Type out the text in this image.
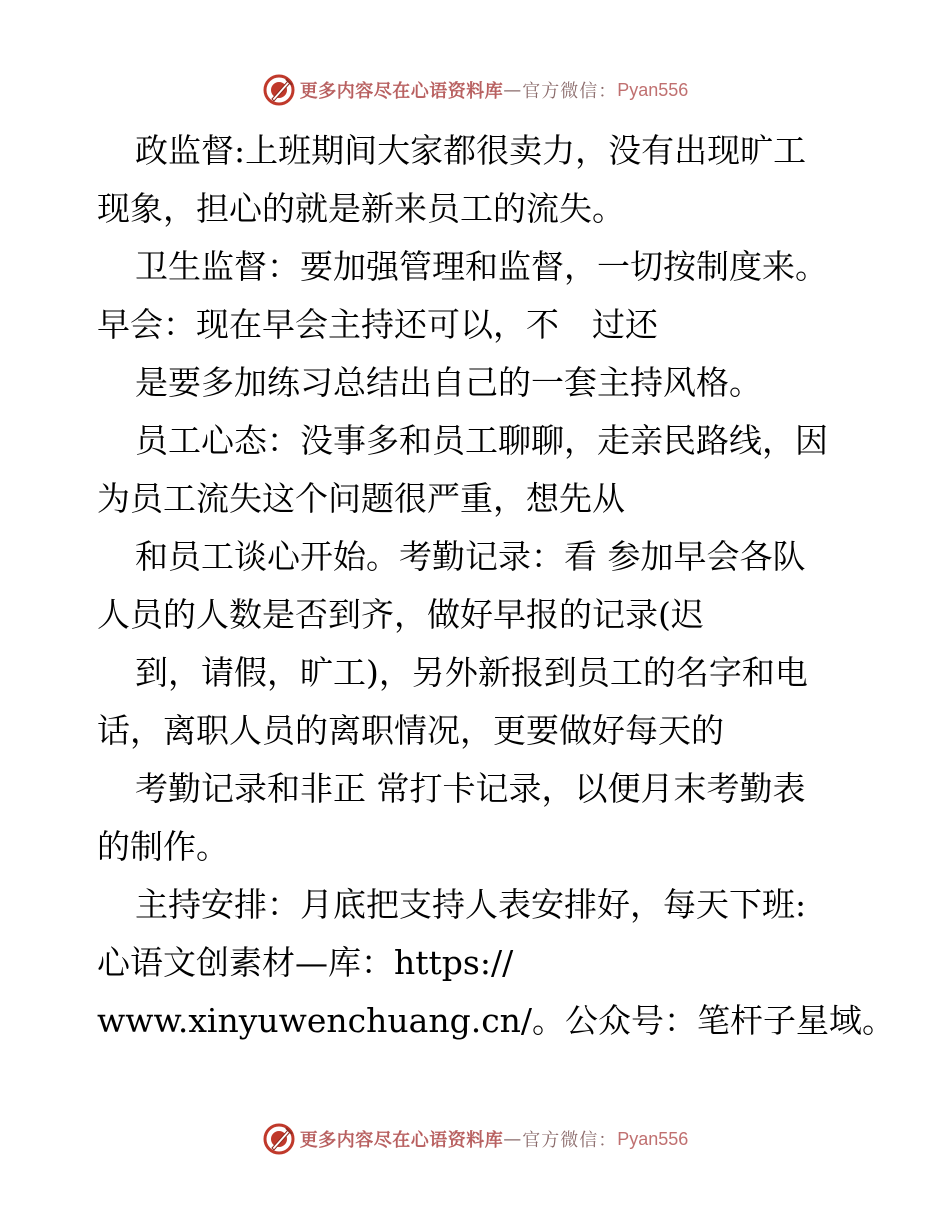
更多内容尽在心语资料库 — 官方微信： Pyan556
政监督:上班期间大家都很卖力，没有出现旷工
现象，担心的就是新来员工的流失。
卫生监督：要加强管理和监督，一切按制度来。
早会：现在早会主持还可以，不　过还
是要多加练习总结出自己的一套主持风格。
员工心态：没事多和员工聊聊，走亲民路线，因
为员工流失这个问题很严重，想先从
和员工谈心开始。考勤记录：看 参加早会各队
人员的人数是否到齐，做好早报的记录(迟
到，请假，旷工)，另外新报到员工的名字和电
话，离职人员的离职情况，更要做好每天的
考勤记录和非正 常打卡记录，以便月末考勤表
的制作。
主持安排：月底把支持人表安排好，每天下班:
心语文创素材—库：https://
www.xinyuwenchuang.cn/。公众号：笔杆子星域。
更多内容尽在心语资料库 — 官方微信： Pyan556
